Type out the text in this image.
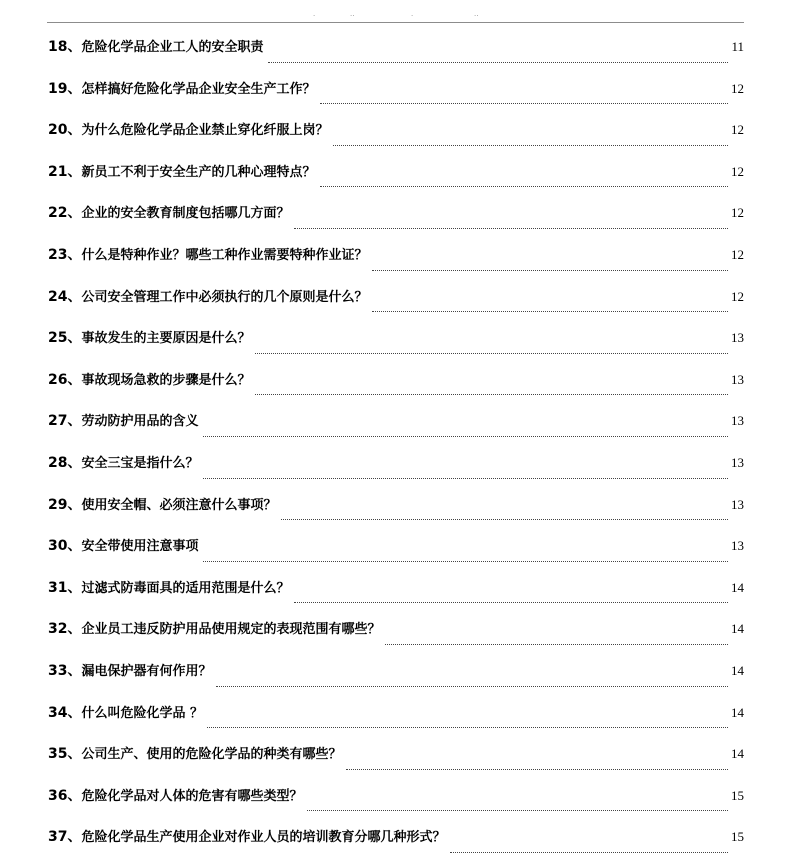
·	··	·	··
18、 危险化学品企业工人的安全职责	11
19、 怎样搞好危险化学品企业安全生产工作？	12
20、 为什么危险化学品企业禁止穿化纤服上岗？	12
21、 新员工不利于安全生产的几种心理特点？	12
22、 企业的安全教育制度包括哪几方面？	12
23、 什么是特种作业？哪些工种作业需要特种作业证？	12
24、 公司安全管理工作中必须执行的几个原则是什么？	12
25、 事故发生的主要原因是什么？	13
26、 事故现场急救的步骤是什么？	13
27、 劳动防护用品的含义	13
28、 安全三宝是指什么？	13
29、 使用安全帽、必须注意什么事项？	13
30、 安全带使用注意事项	13
31、 过滤式防毒面具的适用范围是什么？	14
32、 企业员工违反防护用品使用规定的表现范围有哪些？	14
33、 漏电保护器有何作用？	14
34、 什么叫危险化学品 ？	14
35、 公司生产、使用的危险化学品的种类有哪些？	14
36、 危险化学品对人体的危害有哪些类型？	15
37、 危险化学品生产使用企业对作业人员的培训教育分哪几种形式？	15
